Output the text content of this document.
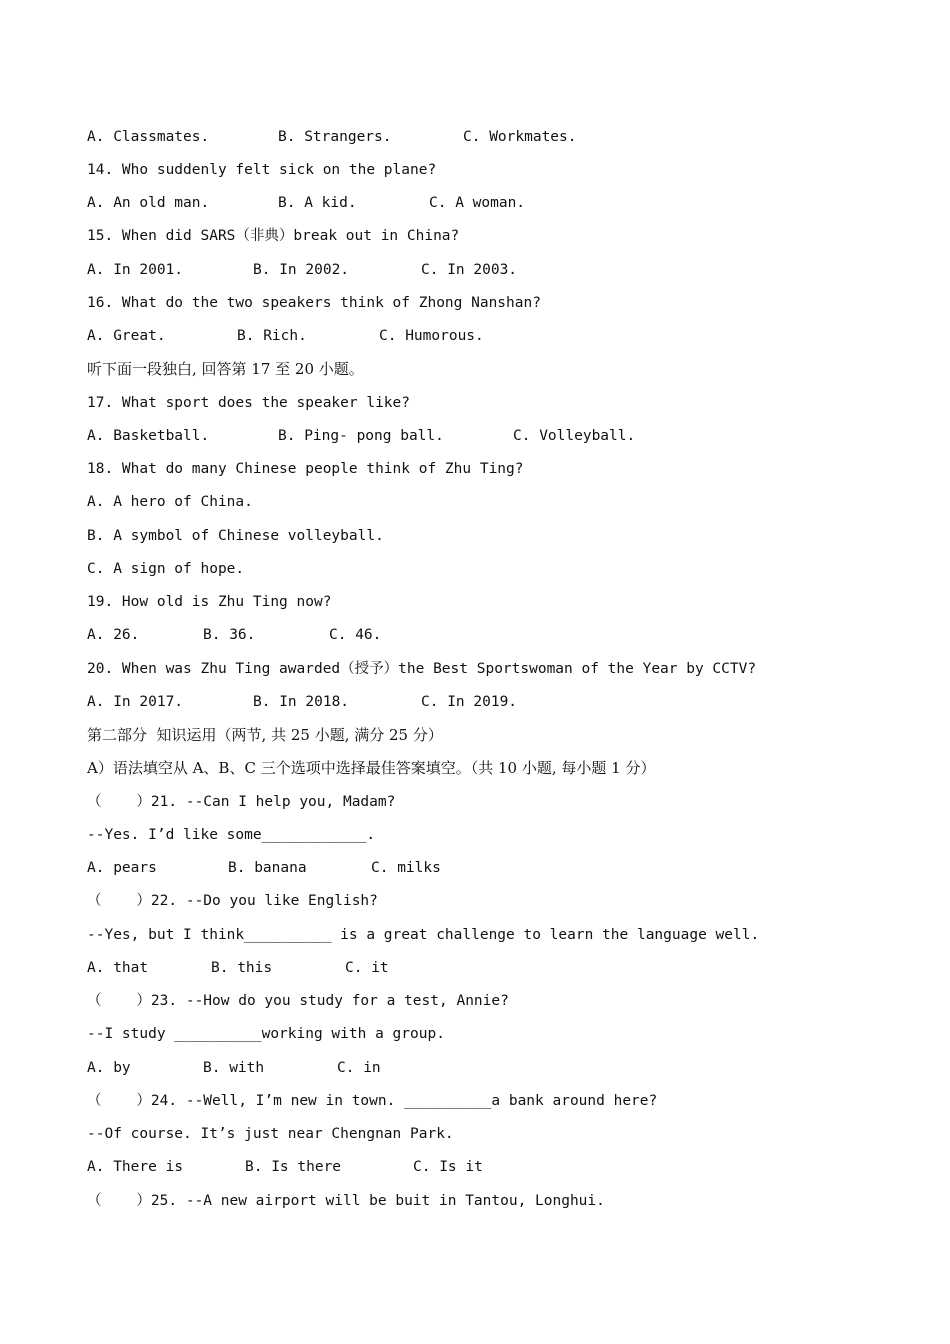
A. Classmates.

	B. Strangers.

	C. Workmates.

14. Who suddenly felt sick on the plane?

A. An old man.

	B. A kid.

	C. A woman.

15. When did SARS（非典）break out in China?

A. In 2001.

	B. In 2002.

	C. In 2003.

16. What do the two speakers think of Zhong Nanshan?

A. Great.

	B. Rich.

	C. Humorous.

听下面一段独白, 回答第 17 至 20 小题。
17. What sport does the speaker like?

A. Basketball.

	B. Ping- pong ball.

	C. Volleyball.

18. What do many Chinese people think of Zhu Ting?
A. A hero of China.
B. A symbol of Chinese volleyball.
C. A sign of hope.
19. How old is Zhu Ting now?

A. 26.

	B. 36.

	C. 46.

20. When was Zhu Ting awarded（授予）the Best Sportswoman of the Year by CCTV?

A. In 2017.

	B. In 2018.

	C. In 2019.

第二部分  知识运用（两节, 共 25 小题, 满分 25 分）
A）语法填空从 A、B、C 三个选项中选择最佳答案填空。（共 10 小题, 每小题 1 分）
（    ）21. --Can I help you, Madam?
--Yes. I’d like some____________.

A. pears

	B. banana

	C. milks

（    ）22. --Do you like English?
--Yes, but I think__________ is a great challenge to learn the language well.

A. that

	B. this

	C. it

（    ）23. --How do you study for a test, Annie?
--I study __________working with a group.

A. by

	B. with

	C. in

（    ）24. --Well, I’m new in town. __________a bank around here?
--Of course. It’s just near Chengnan Park.

A. There is

	B. Is there

	C. Is it

（    ）25. --A new airport will be buit in Tantou, Longhui.
